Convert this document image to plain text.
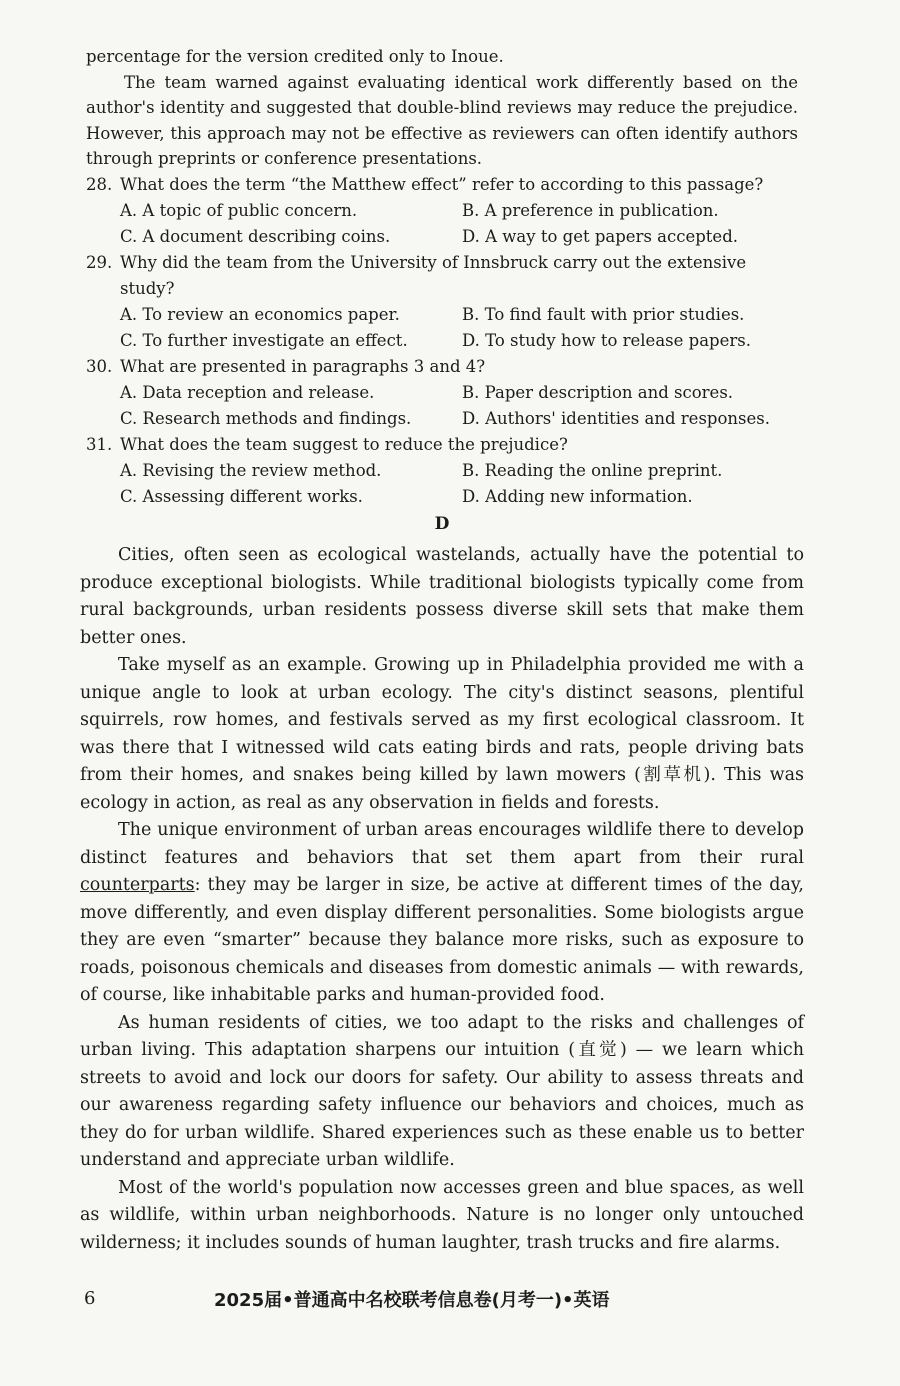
percentage for the version credited only to Inoue.

The team warned against evaluating identical work differently based on the author's identity and suggested that double-blind reviews may reduce the prejudice. However, this approach may not be effective as reviewers can often identify authors through preprints or conference presentations.

28. What does the term “the Matthew effect” refer to according to this passage?

A. A topic of public concern.	B. A preference in publication.
C. A document describing coins.	D. A way to get papers accepted.

29. Why did the team from the University of Innsbruck carry out the extensive study?

A. To review an economics paper.	B. To find fault with prior studies.
C. To further investigate an effect.	D. To study how to release papers.

30. What are presented in paragraphs 3 and 4?

A. Data reception and release.	B. Paper description and scores.
C. Research methods and findings.	D. Authors' identities and responses.

31. What does the team suggest to reduce the prejudice?

A. Revising the review method.	B. Reading the online preprint.
C. Assessing different works.	D. Adding new information.

D

Cities, often seen as ecological wastelands, actually have the potential to produce exceptional biologists. While traditional biologists typically come from rural backgrounds, urban residents possess diverse skill sets that make them better ones.

Take myself as an example. Growing up in Philadelphia provided me with a unique angle to look at urban ecology. The city's distinct seasons, plentiful squirrels, row homes, and festivals served as my first ecological classroom. It was there that I witnessed wild cats eating birds and rats, people driving bats from their homes, and snakes being killed by lawn mowers (割草机). This was ecology in action, as real as any observation in fields and forests.

The unique environment of urban areas encourages wildlife there to develop distinct features and behaviors that set them apart from their rural counterparts: they may be larger in size, be active at different times of the day, move differently, and even display different personalities. Some biologists argue they are even “smarter” because they balance more risks, such as exposure to roads, poisonous chemicals and diseases from domestic animals — with rewards, of course, like inhabitable parks and human-provided food.

As human residents of cities, we too adapt to the risks and challenges of urban living. This adaptation sharpens our intuition (直觉) — we learn which streets to avoid and lock our doors for safety. Our ability to assess threats and our awareness regarding safety influence our behaviors and choices, much as they do for urban wildlife. Shared experiences such as these enable us to better understand and appreciate urban wildlife.

Most of the world's population now accesses green and blue spaces, as well as wildlife, within urban neighborhoods. Nature is no longer only untouched wilderness; it includes sounds of human laughter, trash trucks and fire alarms.

6	2025届•普通高中名校联考信息卷(月考一)•英语
